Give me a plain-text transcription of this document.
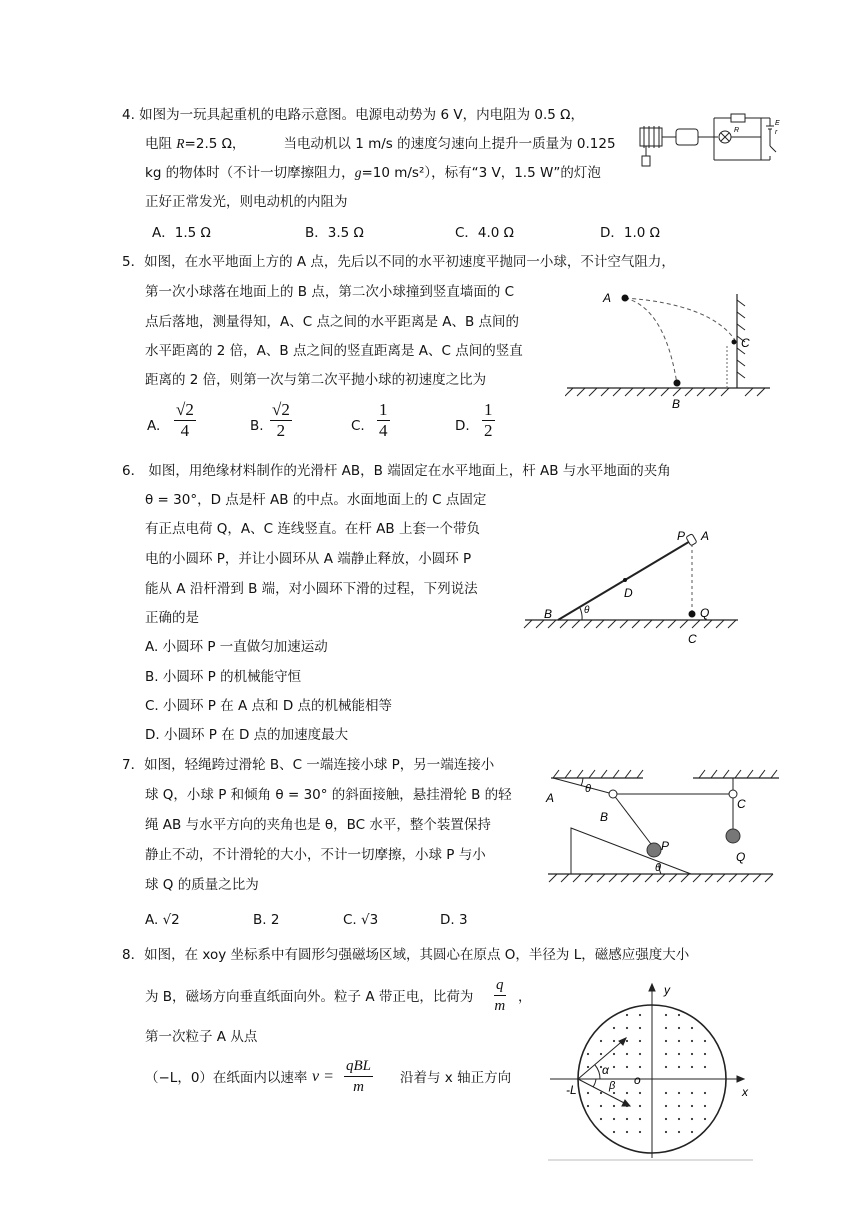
4. 如图为一玩具起重机的电路示意图。电源电动势为 6 V，内电阻为 0.5 Ω，
电阻 R=2.5 Ω，	当电动机以 1 m/s 的速度匀速向上提升一质量为 0.125
kg 的物体时（不计一切摩擦阻力，g=10 m/s²），标有“3 V，1.5 W”的灯泡
正好正常发光，则电动机的内阻为
A．1.5 Ω	B．3.5 Ω	C．4.0 Ω	D．1.0 Ω
R
E
r
5．如图，在水平地面上方的 A 点，先后以不同的水平初速度平抛同一小球，不计空气阻力，
第一次小球落在地面上的 B 点，第二次小球撞到竖直墙面的 C
点后落地，测量得知，A、C 点之间的水平距离是 A、B 点间的
水平距离的 2 倍，A、B 点之间的竖直距离是 A、C 点间的竖直
距离的 2 倍，则第一次与第二次平抛小球的初速度之比为
A. $\frac{√2}{4}$	B. $\frac{√2}{2}$	C. $\frac{1}{4}$	D. $\frac{1}{2}$
A
B
C
6． 如图，用绝缘材料制作的光滑杆 AB，B 端固定在水平地面上，杆 AB 与水平地面的夹角
θ = 30°，D 点是杆 AB 的中点。水面地面上的 C 点固定
有正点电荷 Q，A、C 连线竖直。在杆 AB 上套一个带负
电的小圆环 P，并让小圆环从 A 端静止释放，小圆环 P
能从 A 沿杆滑到 B 端，对小圆环下滑的过程，下列说法
正确的是
A. 小圆环 P 一直做匀加速运动
B. 小圆环 P 的机械能守恒
C. 小圆环 P 在 A 点和 D 点的机械能相等
D. 小圆环 P 在 D 点的加速度最大
P A
D
B	θ	Q
C
7．如图，轻绳跨过滑轮 B、C 一端连接小球 P，另一端连接小
球 Q，小球 P 和倾角 θ = 30° 的斜面接触，悬挂滑轮 B 的轻
绳 AB 与水平方向的夹角也是 θ，BC 水平，整个装置保持
静止不动，不计滑轮的大小，不计一切摩擦，小球 P 与小
球 Q 的质量之比为
A. √2	B. 2	C. √3	D. 3
A
θ
B
C
P
Q
θ
8．如图，在 xoy 坐标系中有圆形匀强磁场区域，其圆心在原点 O，半径为 L，磁感应强度大小
为 B，磁场方向垂直纸面向外。粒子 A 带正电，比荷为 $\frac{q}{m}$ ，
第一次粒子 A 从点
（−L，0）在纸面内以速率 v =
qBL
m
沿着与 x 轴正方向
y
x
o
-L
α
β
